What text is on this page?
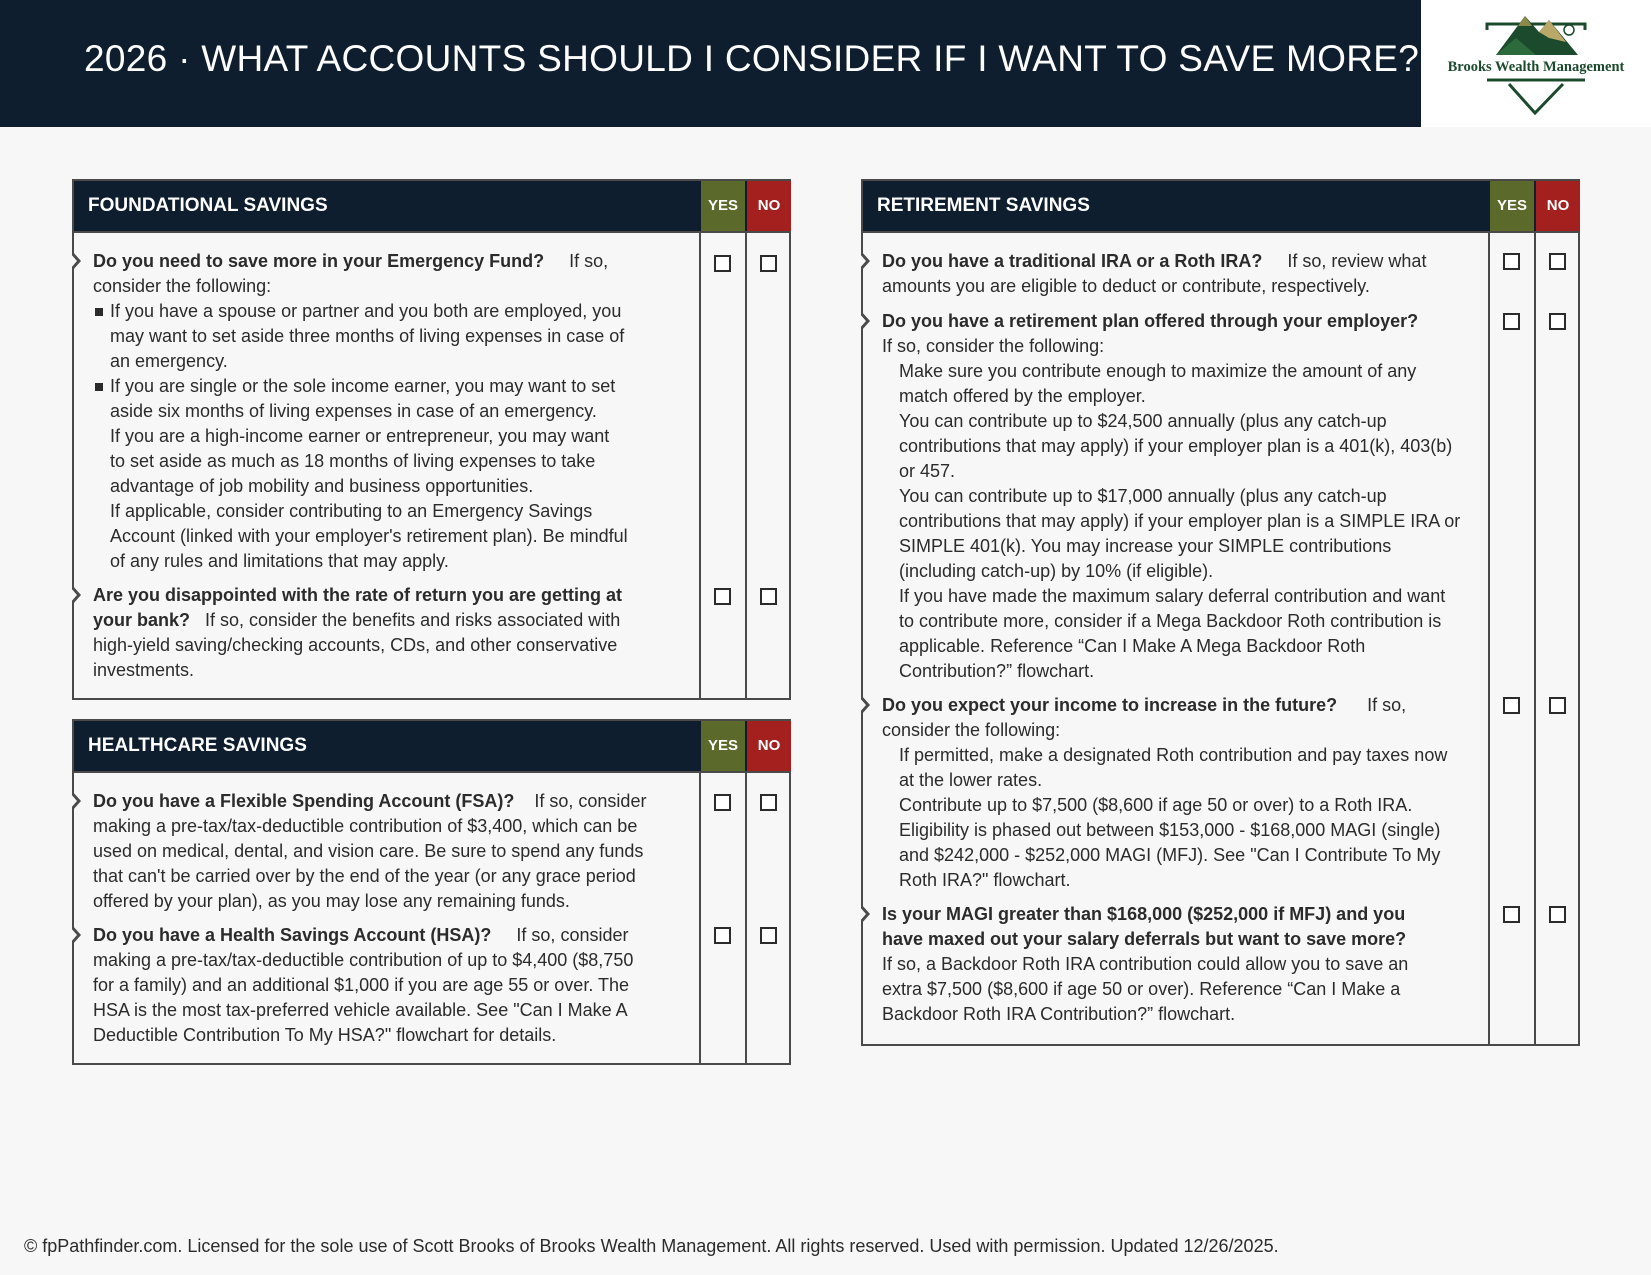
2026 · WHAT ACCOUNTS SHOULD I CONSIDER IF I WANT TO SAVE MORE?	Brooks Wealth Management
FOUNDATIONAL SAVINGS	YES	NO
Do you need to save more in your Emergency Fund? If so, consider the following:
If you have a spouse or partner and you both are employed, you may want to set aside three months of living expenses in case of an emergency.
If you are single or the sole income earner, you may want to set aside six months of living expenses in case of an emergency.
If you are a high-income earner or entrepreneur, you may want to set aside as much as 18 months of living expenses to take advantage of job mobility and business opportunities.
If applicable, consider contributing to an Emergency Savings Account (linked with your employer's retirement plan). Be mindful of any rules and limitations that may apply.
Are you disappointed with the rate of return you are getting at your bank? If so, consider the benefits and risks associated with high-yield saving/checking accounts, CDs, and other conservative investments.
HEALTHCARE SAVINGS	YES	NO
Do you have a Flexible Spending Account (FSA)? If so, consider making a pre-tax/tax-deductible contribution of $3,400, which can be used on medical, dental, and vision care. Be sure to spend any funds that can't be carried over by the end of the year (or any grace period offered by your plan), as you may lose any remaining funds.
Do you have a Health Savings Account (HSA)? If so, consider making a pre-tax/tax-deductible contribution of up to $4,400 ($8,750 for a family) and an additional $1,000 if you are age 55 or over. The HSA is the most tax-preferred vehicle available. See "Can I Make A Deductible Contribution To My HSA?" flowchart for details.
RETIREMENT SAVINGS	YES	NO
Do you have a traditional IRA or a Roth IRA? If so, review what amounts you are eligible to deduct or contribute, respectively.
Do you have a retirement plan offered through your employer?
If so, consider the following:
Make sure you contribute enough to maximize the amount of any match offered by the employer.
You can contribute up to $24,500 annually (plus any catch-up contributions that may apply) if your employer plan is a 401(k), 403(b) or 457.
You can contribute up to $17,000 annually (plus any catch-up contributions that may apply) if your employer plan is a SIMPLE IRA or SIMPLE 401(k). You may increase your SIMPLE contributions (including catch-up) by 10% (if eligible).
If you have made the maximum salary deferral contribution and want to contribute more, consider if a Mega Backdoor Roth contribution is applicable. Reference “Can I Make A Mega Backdoor Roth Contribution?” flowchart.
Do you expect your income to increase in the future? If so, consider the following:
If permitted, make a designated Roth contribution and pay taxes now at the lower rates.
Contribute up to $7,500 ($8,600 if age 50 or over) to a Roth IRA. Eligibility is phased out between $153,000 - $168,000 MAGI (single) and $242,000 - $252,000 MAGI (MFJ). See "Can I Contribute To My Roth IRA?" flowchart.
Is your MAGI greater than $168,000 ($252,000 if MFJ) and you have maxed out your salary deferrals but want to save more?
If so, a Backdoor Roth IRA contribution could allow you to save an extra $7,500 ($8,600 if age 50 or over). Reference “Can I Make a Backdoor Roth IRA Contribution?” flowchart.
© fpPathfinder.com. Licensed for the sole use of Scott Brooks of Brooks Wealth Management. All rights reserved. Used with permission. Updated 12/26/2025.
